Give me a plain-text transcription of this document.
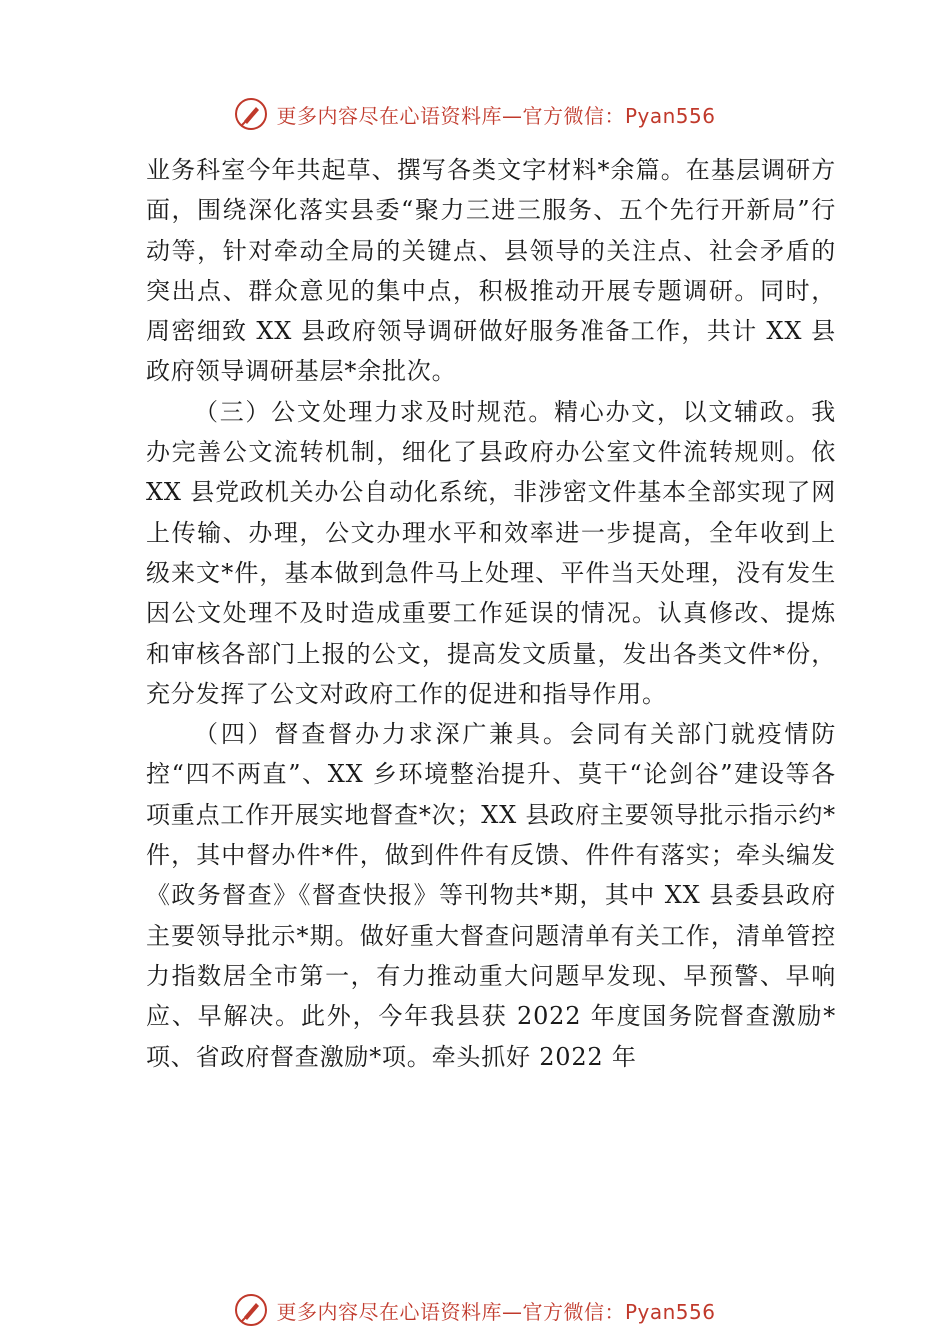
更多内容尽在心语资料库—官方微信：Pyan556

业务科室今年共起草、撰写各类文字材料*余篇。在基层调研方面，围绕深化落实县委“聚力三进三服务、五个先行开新局”行动等，针对牵动全局的关键点、县领导的关注点、社会矛盾的突出点、群众意见的集中点，积极推动开展专题调研。同时，周密细致 XX 县政府领导调研做好服务准备工作，共计 XX 县政府领导调研基层*余批次。

（三）公文处理力求及时规范。精心办文，以文辅政。我办完善公文流转机制，细化了县政府办公室文件流转规则。依 XX 县党政机关办公自动化系统，非涉密文件基本全部实现了网上传输、办理，公文办理水平和效率进一步提高，全年收到上级来文*件，基本做到急件马上处理、平件当天处理，没有发生因公文处理不及时造成重要工作延误的情况。认真修改、提炼和审核各部门上报的公文，提高发文质量，发出各类文件*份，充分发挥了公文对政府工作的促进和指导作用。

（四）督查督办力求深广兼具。会同有关部门就疫情防控“四不两直”、XX 乡环境整治提升、莫干“论剑谷”建设等各项重点工作开展实地督查*次；XX 县政府主要领导批示指示约*件，其中督办件*件，做到件件有反馈、件件有落实；牵头编发《政务督查》《督查快报》等刊物共*期，其中 XX 县委县政府主要领导批示*期。做好重大督查问题清单有关工作，清单管控力指数居全市第一，有力推动重大问题早发现、早预警、早响应、早解决。此外，今年我县获 2022 年度国务院督查激励*项、省政府督查激励*项。牵头抓好 2022 年

更多内容尽在心语资料库—官方微信：Pyan556
